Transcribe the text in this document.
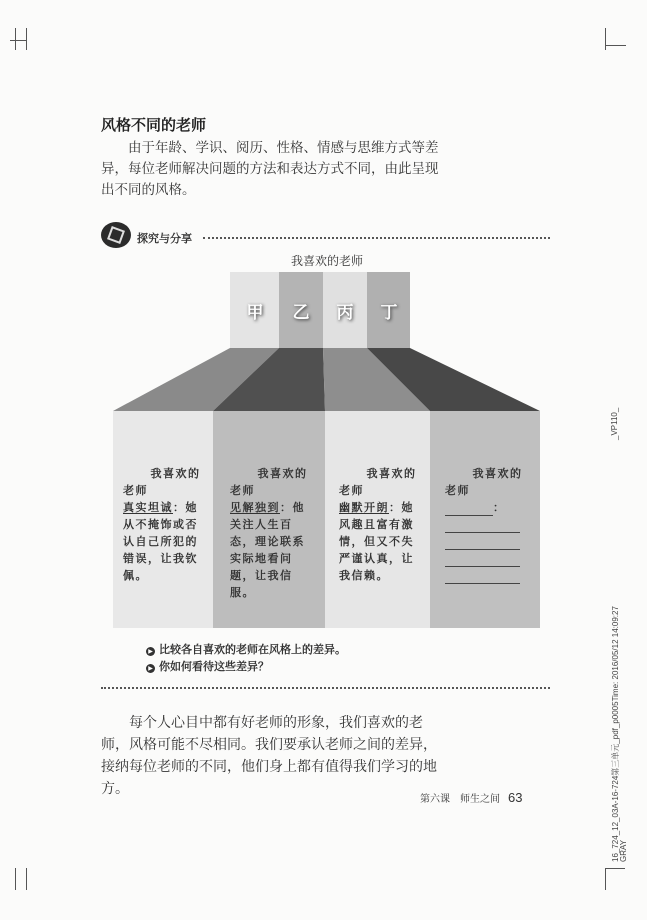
风格不同的老师
由于年龄、学识、阅历、性格、情感与思维方式等差异，每位老师解决问题的方法和表达方式不同，由此呈现出不同的风格。
探究与分享
我喜欢的老师
甲	乙	丙	丁
我喜欢的老师
真实坦诚：她从不掩饰或否认自己所犯的错误，让我钦佩。
我喜欢的老师
见解独到：他关注人生百态，理论联系实际地看问题，让我信服。
我喜欢的老师
幽默开朗：她风趣且富有激情，但又不失严谨认真，让我信赖。
我喜欢的老师
：
▶ 比较各自喜欢的老师在风格上的差异。
▶ 你如何看待这些差异？
每个人心目中都有好老师的形象，我们喜欢的老师，风格可能不尽相同。我们要承认老师之间的差异，接纳每位老师的不同，他们身上都有值得我们学习的地方。
第六课　师生之间 63
_VP110_
16_724_12_03A-16-724第三单元_pdf_p0005Time: 2016/05/12 14:09:27 GRAY
